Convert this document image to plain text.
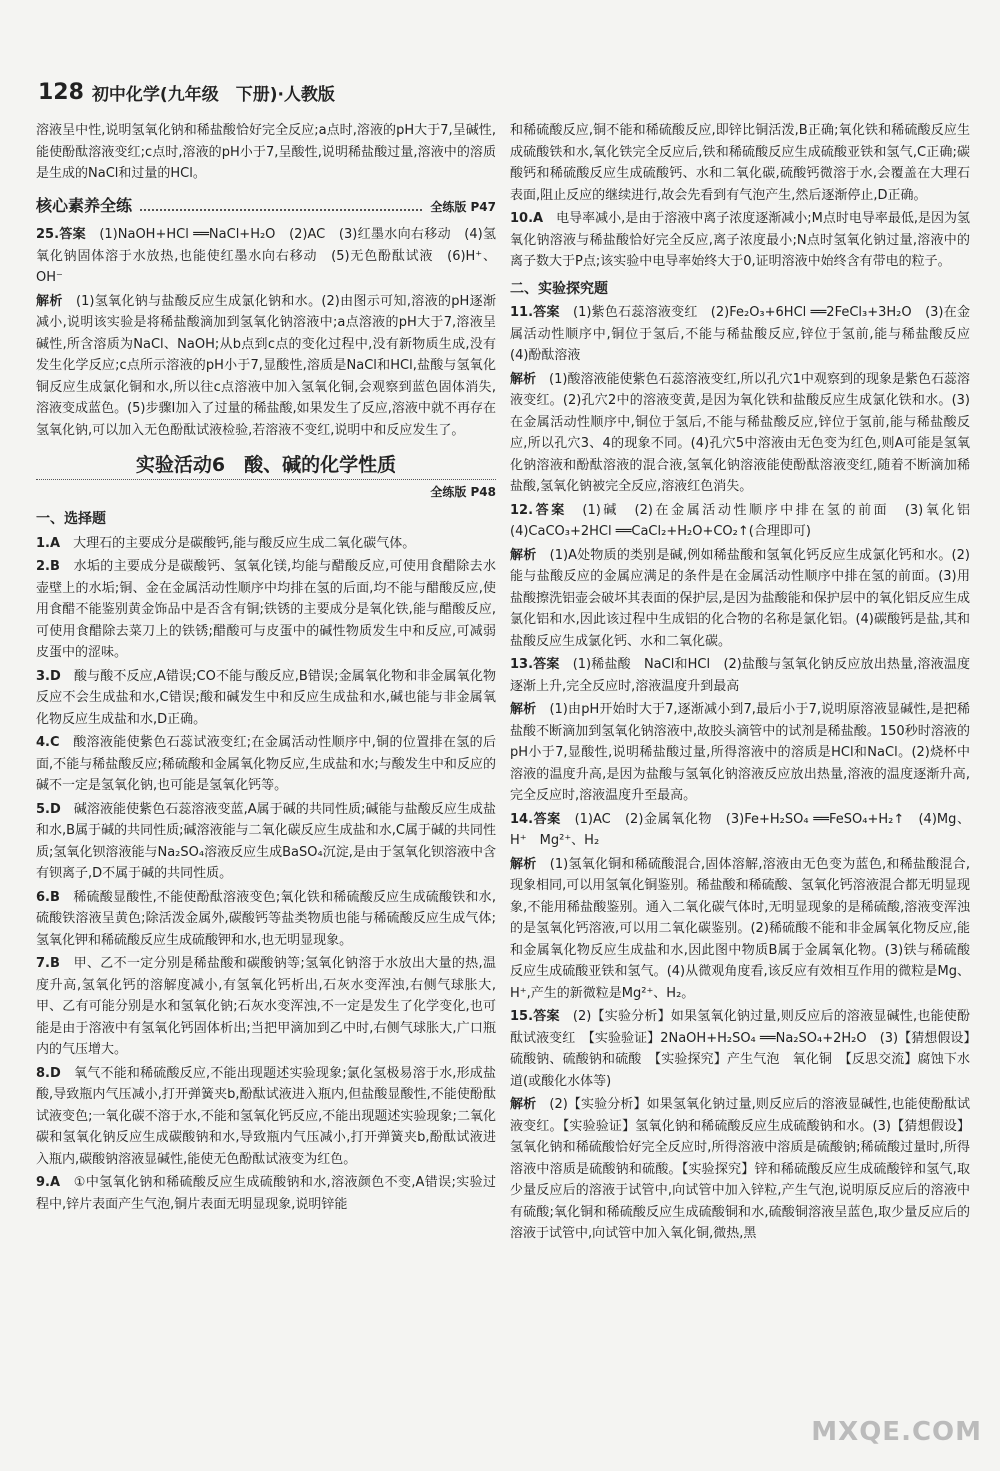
128 初中化学(九年级　下册)·人教版

溶液呈中性,说明氢氧化钠和稀盐酸恰好完全反应;a点时,溶液的pH大于7,呈碱性,能使酚酞溶液变红;c点时,溶液的pH小于7,呈酸性,说明稀盐酸过量,溶液中的溶质是生成的NaCl和过量的HCl。

核心素养全练	全练版 P47

25.答案　 (1)NaOH+HCl ══NaCl+H₂O　(2)AC　(3)红墨水向右移动　(4)氢氧化钠固体溶于水放热,也能使红墨水向右移动　(5)无色酚酞试液　(6)H⁺、OH⁻

解析　 (1)氢氧化钠与盐酸反应生成氯化钠和水。(2)由图示可知,溶液的pH逐渐减小,说明该实验是将稀盐酸滴加到氢氧化钠溶液中;a点溶液的pH大于7,溶液呈碱性,所含溶质为NaCl、NaOH;从b点到c点的变化过程中,没有新物质生成,没有发生化学反应;c点所示溶液的pH小于7,显酸性,溶质是NaCl和HCl,盐酸与氢氧化铜反应生成氯化铜和水,所以往c点溶液中加入氢氧化铜,会观察到蓝色固体消失,溶液变成蓝色。(5)步骤Ⅰ加入了过量的稀盐酸,如果发生了反应,溶液中就不再存在氢氧化钠,可以加入无色酚酞试液检验,若溶液不变红,说明中和反应发生了。

实验活动6　酸、碱的化学性质
全练版 P48
一、选择题

1.A　 大理石的主要成分是碳酸钙,能与酸反应生成二氧化碳气体。

2.B　 水垢的主要成分是碳酸钙、氢氧化镁,均能与醋酸反应,可使用食醋除去水壶壁上的水垢;铜、金在金属活动性顺序中均排在氢的后面,均不能与醋酸反应,使用食醋不能鉴别黄金饰品中是否含有铜;铁锈的主要成分是氧化铁,能与醋酸反应,可使用食醋除去菜刀上的铁锈;醋酸可与皮蛋中的碱性物质发生中和反应,可减弱皮蛋中的涩味。

3.D　 酸与酸不反应,A错误;CO不能与酸反应,B错误;金属氧化物和非金属氧化物反应不会生成盐和水,C错误;酸和碱发生中和反应生成盐和水,碱也能与非金属氧化物反应生成盐和水,D正确。

4.C　 酸溶液能使紫色石蕊试液变红;在金属活动性顺序中,铜的位置排在氢的后面,不能与稀盐酸反应;稀硫酸和金属氧化物反应,生成盐和水;与酸发生中和反应的碱不一定是氢氧化钠,也可能是氢氧化钙等。

5.D　 碱溶液能使紫色石蕊溶液变蓝,A属于碱的共同性质;碱能与盐酸反应生成盐和水,B属于碱的共同性质;碱溶液能与二氧化碳反应生成盐和水,C属于碱的共同性质;氢氧化钡溶液能与Na₂SO₄溶液反应生成BaSO₄沉淀,是由于氢氧化钡溶液中含有钡离子,D不属于碱的共同性质。

6.B　 稀硫酸显酸性,不能使酚酞溶液变色;氧化铁和稀硫酸反应生成硫酸铁和水,硫酸铁溶液呈黄色;除活泼金属外,碳酸钙等盐类物质也能与稀硫酸反应生成气体;氢氧化钾和稀硫酸反应生成硫酸钾和水,也无明显现象。

7.B　 甲、乙不一定分别是稀盐酸和碳酸钠等;氢氧化钠溶于水放出大量的热,温度升高,氢氧化钙的溶解度减小,有氢氧化钙析出,石灰水变浑浊,右侧气球胀大,甲、乙有可能分别是水和氢氧化钠;石灰水变浑浊,不一定是发生了化学变化,也可能是由于溶液中有氢氧化钙固体析出;当把甲滴加到乙中时,右侧气球胀大,广口瓶内的气压增大。

8.D　 氧气不能和稀硫酸反应,不能出现题述实验现象;氯化氢极易溶于水,形成盐酸,导致瓶内气压减小,打开弹簧夹b,酚酞试液进入瓶内,但盐酸显酸性,不能使酚酞试液变色;一氧化碳不溶于水,不能和氢氧化钙反应,不能出现题述实验现象;二氧化碳和氢氧化钠反应生成碳酸钠和水,导致瓶内气压减小,打开弹簧夹b,酚酞试液进入瓶内,碳酸钠溶液显碱性,能使无色酚酞试液变为红色。

9.A　 ①中氢氧化钠和稀硫酸反应生成硫酸钠和水,溶液颜色不变,A错误;实验过程中,锌片表面产生气泡,铜片表面无明显现象,说明锌能

和稀硫酸反应,铜不能和稀硫酸反应,即锌比铜活泼,B正确;氧化铁和稀硫酸反应生成硫酸铁和水,氧化铁完全反应后,铁和稀硫酸反应生成硫酸亚铁和氢气,C正确;碳酸钙和稀硫酸反应生成硫酸钙、水和二氧化碳,硫酸钙微溶于水,会覆盖在大理石表面,阻止反应的继续进行,故会先看到有气泡产生,然后逐渐停止,D正确。

10.A　 电导率减小,是由于溶液中离子浓度逐渐减小;M点时电导率最低,是因为氢氧化钠溶液与稀盐酸恰好完全反应,离子浓度最小;N点时氢氧化钠过量,溶液中的离子数大于P点;该实验中电导率始终大于0,证明溶液中始终含有带电的粒子。

二、实验探究题

11.答案　 (1)紫色石蕊溶液变红　(2)Fe₂O₃+6HCl ══2FeCl₃+3H₂O　(3)在金属活动性顺序中,铜位于氢后,不能与稀盐酸反应,锌位于氢前,能与稀盐酸反应　(4)酚酞溶液

解析　 (1)酸溶液能使紫色石蕊溶液变红,所以孔穴1中观察到的现象是紫色石蕊溶液变红。(2)孔穴2中的溶液变黄,是因为氧化铁和盐酸反应生成氯化铁和水。(3)在金属活动性顺序中,铜位于氢后,不能与稀盐酸反应,锌位于氢前,能与稀盐酸反应,所以孔穴3、4的现象不同。(4)孔穴5中溶液由无色变为红色,则A可能是氢氧化钠溶液和酚酞溶液的混合液,氢氧化钠溶液能使酚酞溶液变红,随着不断滴加稀盐酸,氢氧化钠被完全反应,溶液红色消失。

12.答案　 (1)碱　(2)在金属活动性顺序中排在氢的前面　(3)氧化铝　(4)CaCO₃+2HCl ══CaCl₂+H₂O+CO₂↑(合理即可)

解析　 (1)A处物质的类别是碱,例如稀盐酸和氢氧化钙反应生成氯化钙和水。(2)能与盐酸反应的金属应满足的条件是在金属活动性顺序中排在氢的前面。(3)用盐酸擦洗铝壶会破坏其表面的保护层,是因为盐酸能和保护层中的氧化铝反应生成氯化铝和水,因此该过程中生成铝的化合物的名称是氯化铝。(4)碳酸钙是盐,其和盐酸反应生成氯化钙、水和二氧化碳。

13.答案　 (1)稀盐酸　NaCl和HCl　(2)盐酸与氢氧化钠反应放出热量,溶液温度逐渐上升,完全反应时,溶液温度升到最高

解析　 (1)由pH开始时大于7,逐渐减小到7,最后小于7,说明原溶液显碱性,是把稀盐酸不断滴加到氢氧化钠溶液中,故胶头滴管中的试剂是稀盐酸。150秒时溶液的pH小于7,显酸性,说明稀盐酸过量,所得溶液中的溶质是HCl和NaCl。(2)烧杯中溶液的温度升高,是因为盐酸与氢氧化钠溶液反应放出热量,溶液的温度逐渐升高,完全反应时,溶液温度升至最高。

14.答案　 (1)AC　(2)金属氧化物　(3)Fe+H₂SO₄ ══FeSO₄+H₂↑　(4)Mg、H⁺　Mg²⁺、H₂

解析　 (1)氢氧化铜和稀硫酸混合,固体溶解,溶液由无色变为蓝色,和稀盐酸混合,现象相同,可以用氢氧化铜鉴别。稀盐酸和稀硫酸、氢氧化钙溶液混合都无明显现象,不能用稀盐酸鉴别。通入二氧化碳气体时,无明显现象的是稀硫酸,溶液变浑浊的是氢氧化钙溶液,可以用二氧化碳鉴别。(2)稀硫酸不能和非金属氧化物反应,能和金属氧化物反应生成盐和水,因此图中物质B属于金属氧化物。(3)铁与稀硫酸反应生成硫酸亚铁和氢气。(4)从微观角度看,该反应有效相互作用的微粒是Mg、H⁺,产生的新微粒是Mg²⁺、H₂。

15.答案　 (2)【实验分析】如果氢氧化钠过量,则反应后的溶液显碱性,也能使酚酞试液变红　【实验验证】2NaOH+H₂SO₄ ══Na₂SO₄+2H₂O　(3)【猜想假设】硫酸钠、硫酸钠和硫酸　【实验探究】产生气泡　氧化铜　【反思交流】腐蚀下水道(或酸化水体等)

解析　 (2)【实验分析】如果氢氧化钠过量,则反应后的溶液显碱性,也能使酚酞试液变红。【实验验证】氢氧化钠和稀硫酸反应生成硫酸钠和水。(3)【猜想假设】氢氧化钠和稀硫酸恰好完全反应时,所得溶液中溶质是硫酸钠;稀硫酸过量时,所得溶液中溶质是硫酸钠和硫酸。【实验探究】锌和稀硫酸反应生成硫酸锌和氢气,取少量反应后的溶液于试管中,向试管中加入锌粒,产生气泡,说明原反应后的溶液中有硫酸;氧化铜和稀硫酸反应生成硫酸铜和水,硫酸铜溶液呈蓝色,取少量反应后的溶液于试管中,向试管中加入氧化铜,微热,黑

MXQE.COM
